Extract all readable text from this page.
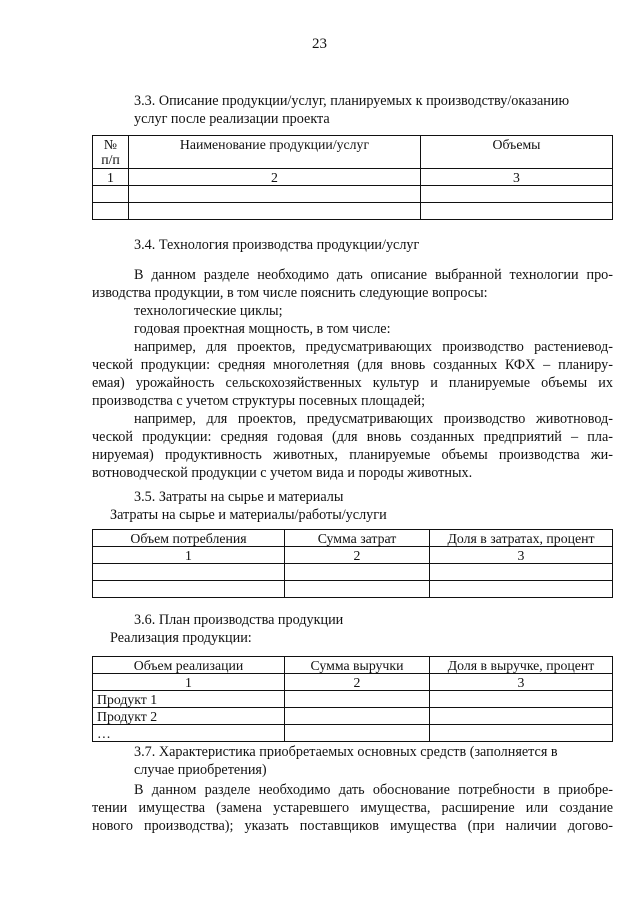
23
3.3. Описание продукции/услуг, планируемых к производству/оказанию
услуг после реализации проекта
№
п/п	Наименование продукции/услуг	Объемы
1	2	3

3.4. Технология производства продукции/услуг
В данном разделе необходимо дать описание выбранной технологии про-
изводства продукции, в том числе пояснить следующие вопросы:
технологические циклы;
годовая проектная мощность, в том числе:
например, для проектов, предусматривающих производство растениевод-
ческой продукции: средняя многолетняя (для вновь созданных КФХ – планиру-
емая) урожайность сельскохозяйственных культур и планируемые объемы их
производства с учетом структуры посевных площадей;
например, для проектов, предусматривающих производство животновод-
ческой продукции: средняя годовая (для вновь созданных предприятий – пла-
нируемая) продуктивность животных, планируемые объемы производства жи-
вотноводческой продукции с учетом вида и породы животных.
3.5. Затраты на сырье и материалы
Затраты на сырье и материалы/работы/услуги
Объем потребления	Сумма затрат	Доля в затратах, процент
1	2	3

3.6. План производства продукции
Реализация продукции:
Объем реализации	Сумма выручки	Доля в выручке, процент
1	2	3
Продукт 1		
Продукт 2		
…		
3.7. Характеристика приобретаемых основных средств (заполняется в
случае приобретения)
В данном разделе необходимо дать обоснование потребности в приобре-
тении имущества (замена устаревшего имущества, расширение или создание
нового производства); указать поставщиков имущества (при наличии догово-
